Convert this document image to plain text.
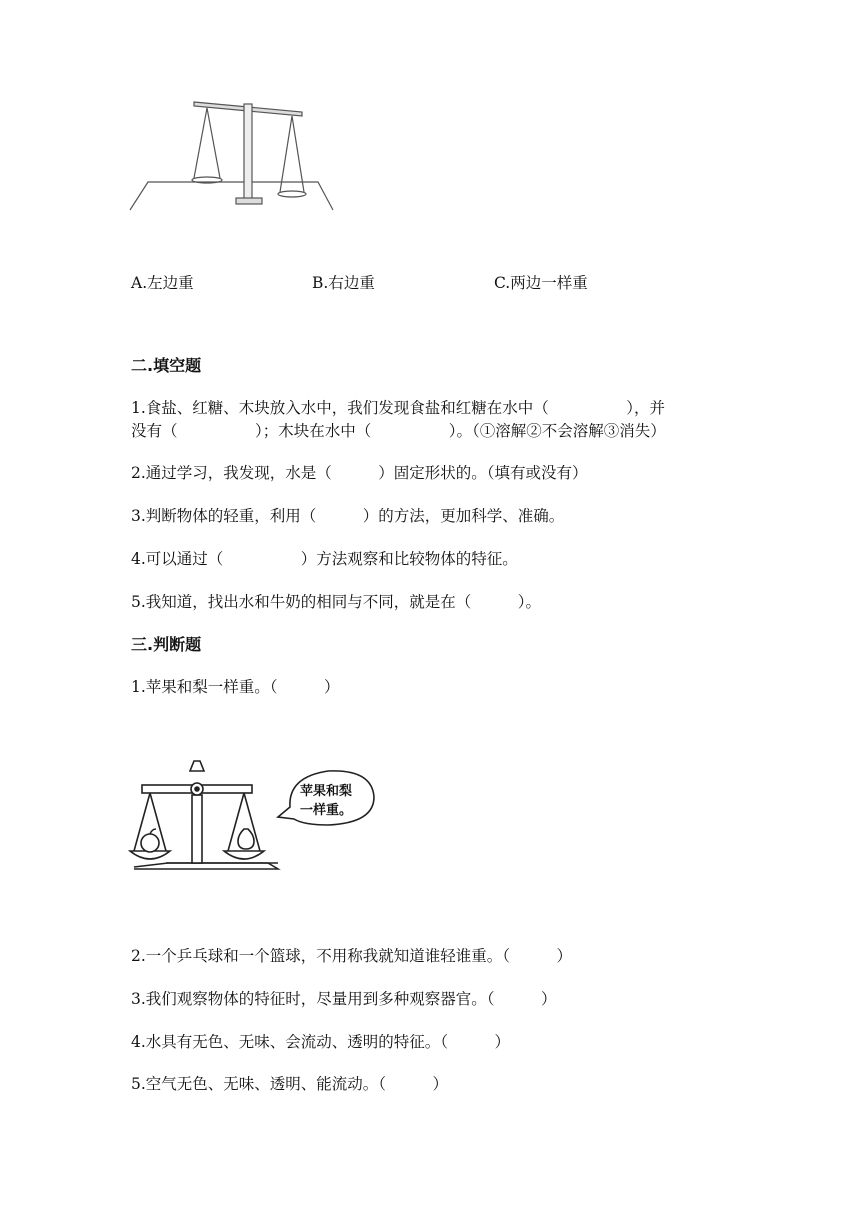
A.左边重	B.右边重	C.两边一样重
二.填空题
1.食盐、红糖、木块放入水中，我们发现食盐和红糖在水中（　　　　　），并
没有（　　　　　）；木块在水中（　　　　　）。（①溶解②不会溶解③消失）
2.通过学习，我发现，水是（　　　）固定形状的。（填有或没有）
3.判断物体的轻重，利用（　　　）的方法，更加科学、准确。
4.可以通过（　　　　　）方法观察和比较物体的特征。
5.我知道，找出水和牛奶的相同与不同，就是在（　　　）。
三.判断题
1.苹果和梨一样重。（　　　）
苹果和梨
一样重。
2.一个乒乓球和一个篮球，不用称我就知道谁轻谁重。（　　　）
3.我们观察物体的特征时，尽量用到多种观察器官。（　　　）
4.水具有无色、无味、会流动、透明的特征。（　　　）
5.空气无色、无味、透明、能流动。（　　　）
